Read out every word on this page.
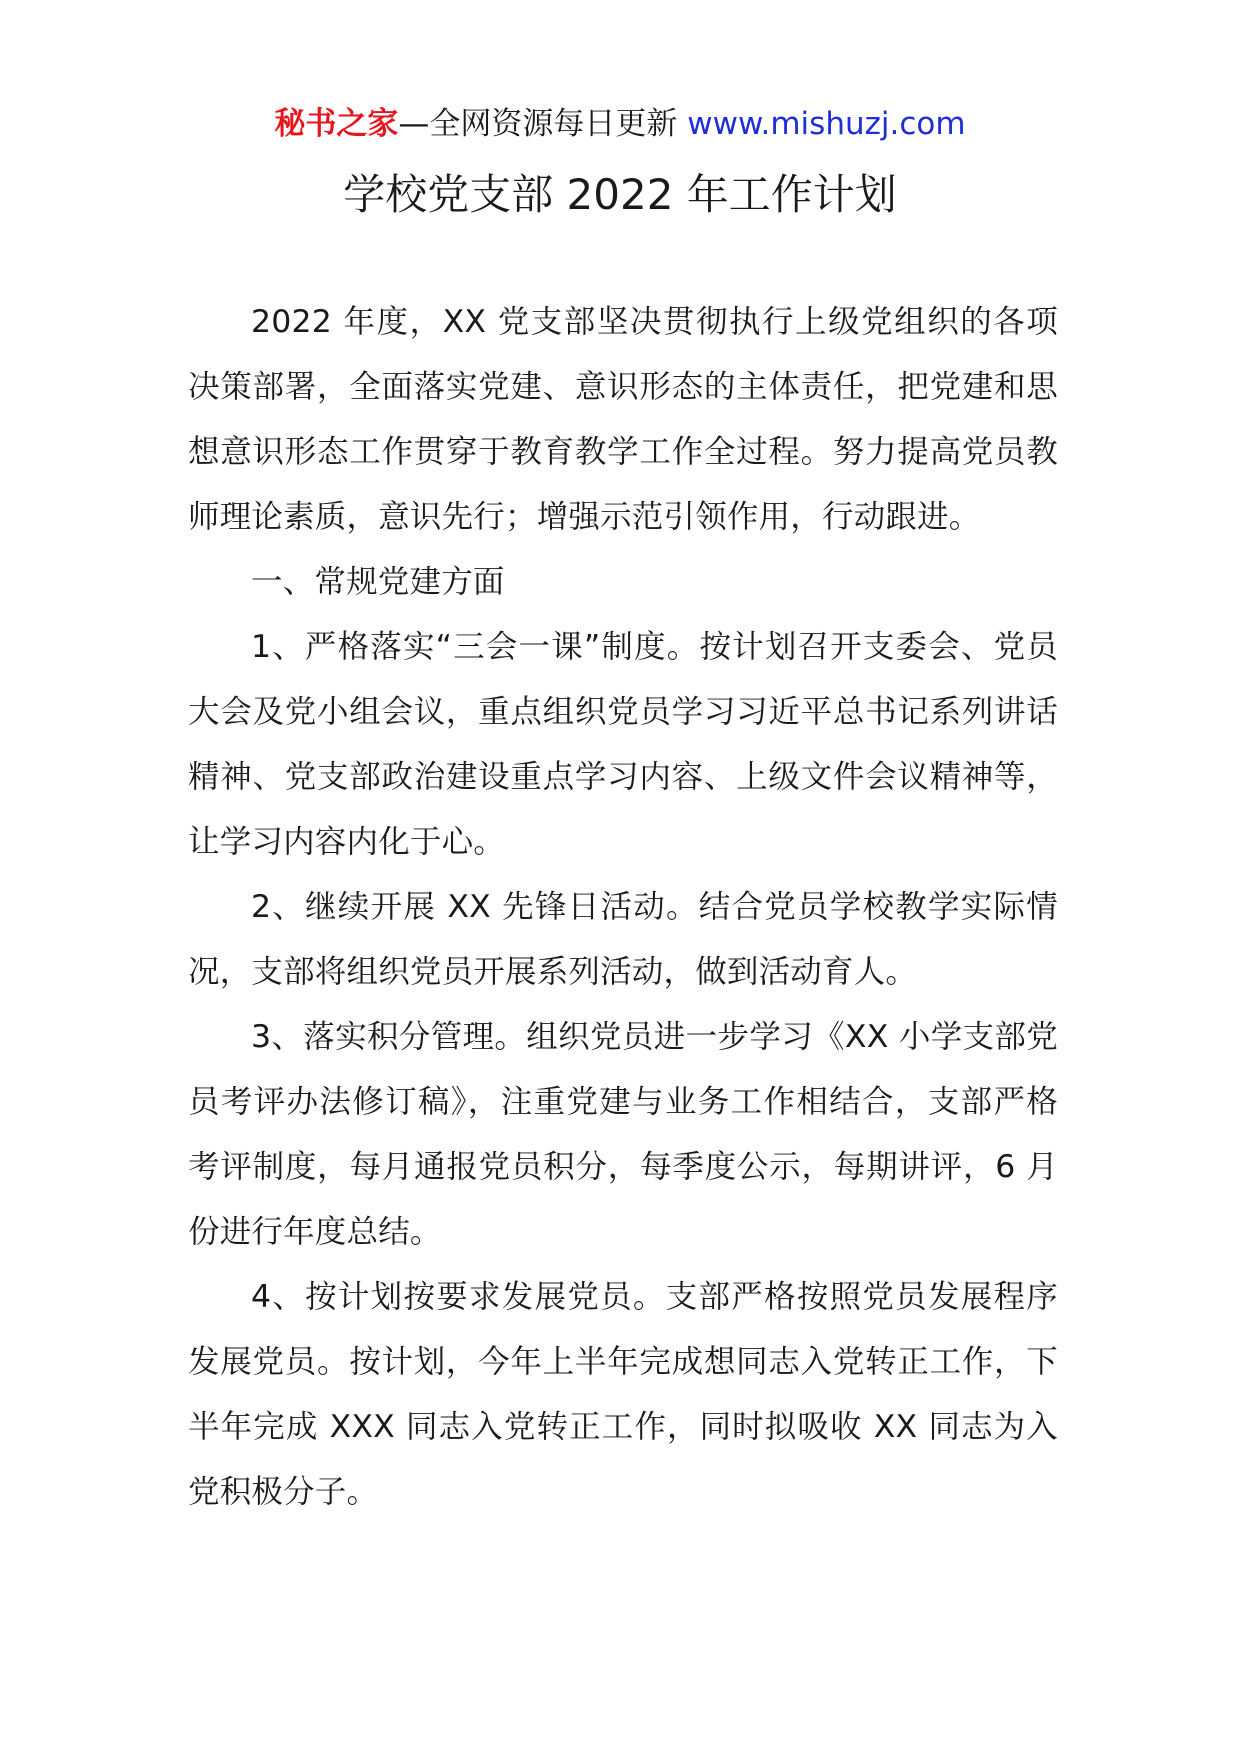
秘书之家—全网资源每日更新 www.mishuzj.com
学校党支部 2022 年工作计划

2022 年度，XX 党支部坚决贯彻执行上级党组织的各项决策部署，全面落实党建、意识形态的主体责任，把党建和思想意识形态工作贯穿于教育教学工作全过程。努力提高党员教师理论素质，意识先行；增强示范引领作用，行动跟进。

一、常规党建方面

1、严格落实“三会一课”制度。按计划召开支委会、党员大会及党小组会议，重点组织党员学习习近平总书记系列讲话精神、党支部政治建设重点学习内容、上级文件会议精神等，让学习内容内化于心。

2、继续开展 XX 先锋日活动。结合党员学校教学实际情况，支部将组织党员开展系列活动，做到活动育人。

3、落实积分管理。组织党员进一步学习《XX 小学支部党员考评办法修订稿》，注重党建与业务工作相结合，支部严格考评制度，每月通报党员积分，每季度公示，每期讲评，6 月份进行年度总结。

4、按计划按要求发展党员。支部严格按照党员发展程序发展党员。按计划，今年上半年完成想同志入党转正工作，下半年完成 XXX 同志入党转正工作，同时拟吸收 XX 同志为入党积极分子。
